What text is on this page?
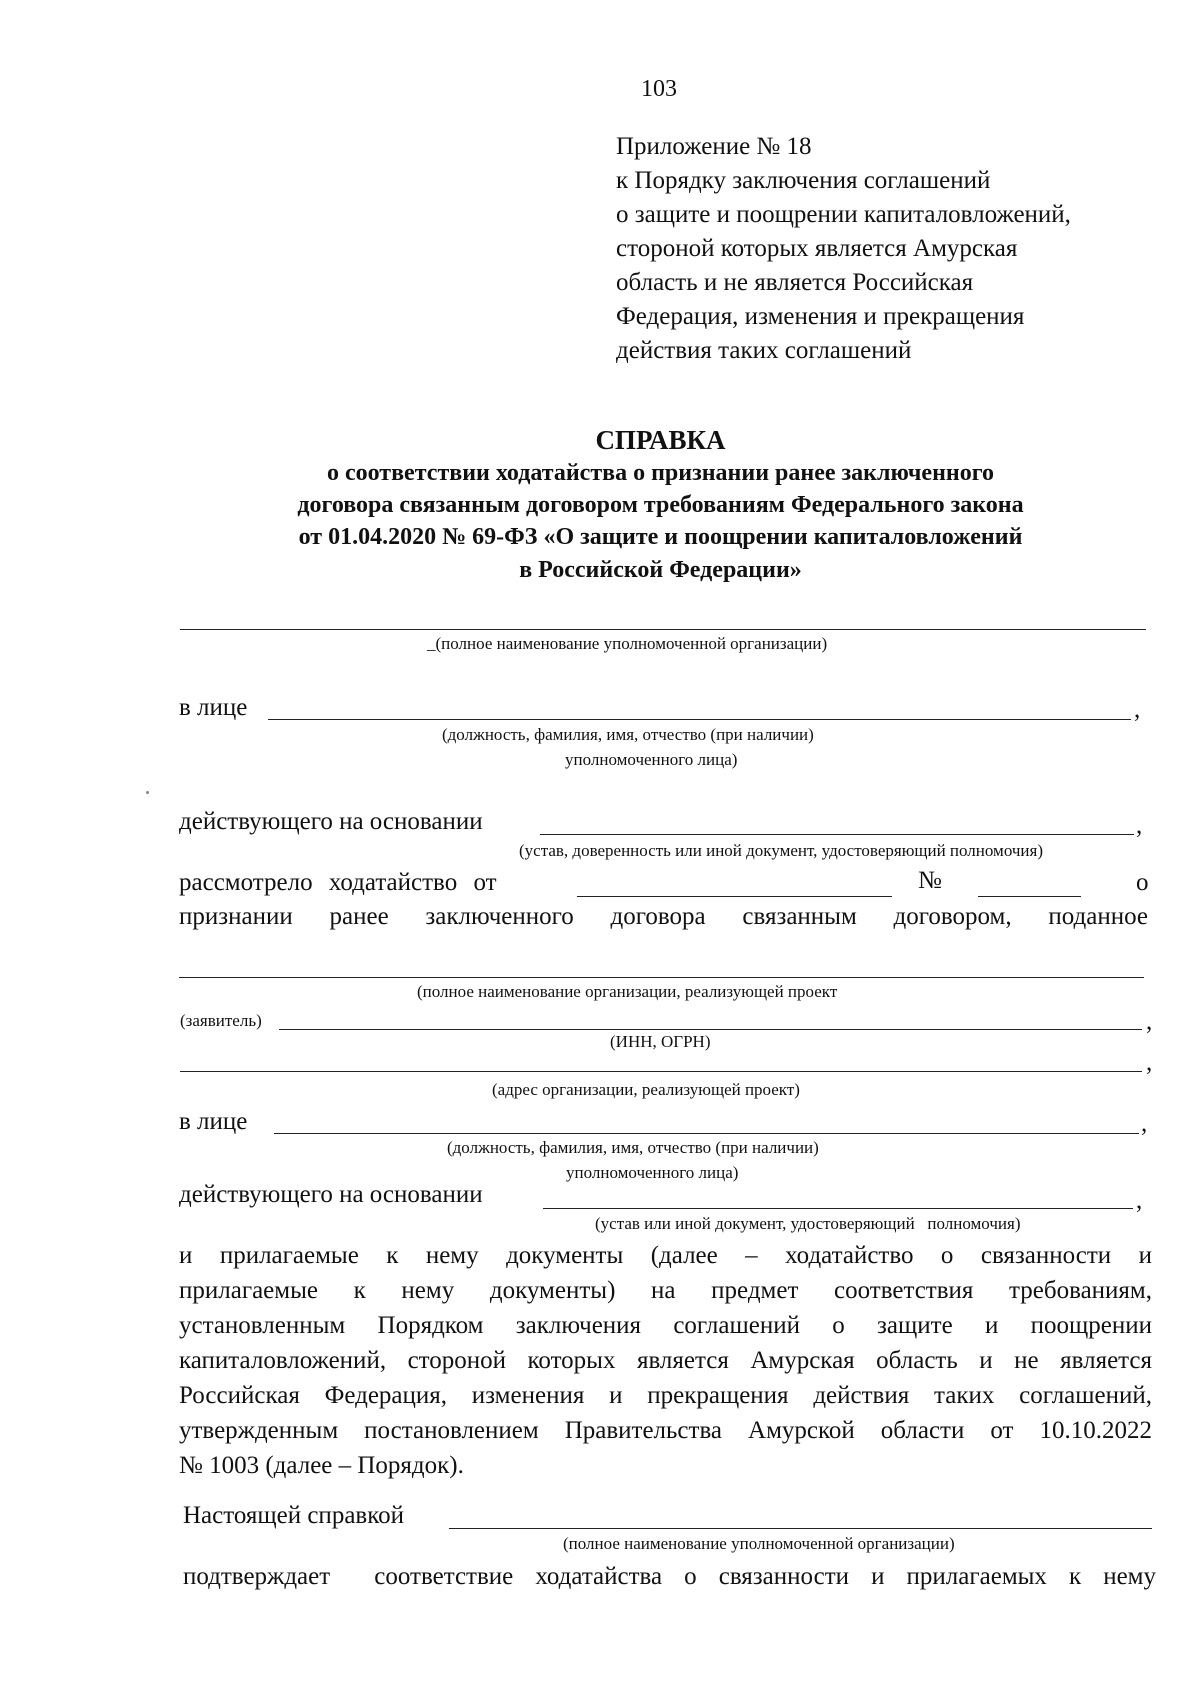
103
Приложение № 18
к Порядку заключения соглашений
о защите и поощрении капиталовложений,
стороной которых является Амурская
область и не является Российская
Федерация, изменения и прекращения
действия таких соглашений
СПРАВКА
о соответствии ходатайства о признании ранее заключенного
договора связанным договором требованиям Федерального закона
от 01.04.2020 № 69-ФЗ «О защите и поощрении капиталовложений
в Российской Федерации»
_(полное наименование уполномоченной организации)
в лице	,
(должность, фамилия, имя, отчество (при наличии)
уполномоченного лица)
действующего на основании	,
(устав, доверенность или иной документ, удостоверяющий полномочия)
рассмотрело ходатайство от	№	о
признании ранее заключенного договора связанным договором, поданное
(полное наименование организации, реализующей проект
(заявитель)	,
(ИНН, ОГРН)
,
(адрес организации, реализующей проект)
в лице	,
(должность, фамилия, имя, отчество (при наличии)
уполномоченного лица)
действующего на основании	,
(устав или иной документ, удостоверяющий   полномочия)
и прилагаемые к нему документы (далее – ходатайство о связанности и
прилагаемые к нему документы) на предмет соответствия требованиям,
установленным Порядком заключения соглашений о защите и поощрении
капиталовложений, стороной которых является Амурская область и не является
Российская Федерация, изменения и прекращения действия таких соглашений,
утвержденным постановлением Правительства Амурской области от 10.10.2022
№ 1003 (далее – Порядок).
Настоящей справкой
(полное наименование уполномоченной организации)
подтверждает  соответствие ходатайства о связанности и прилагаемых к нему
